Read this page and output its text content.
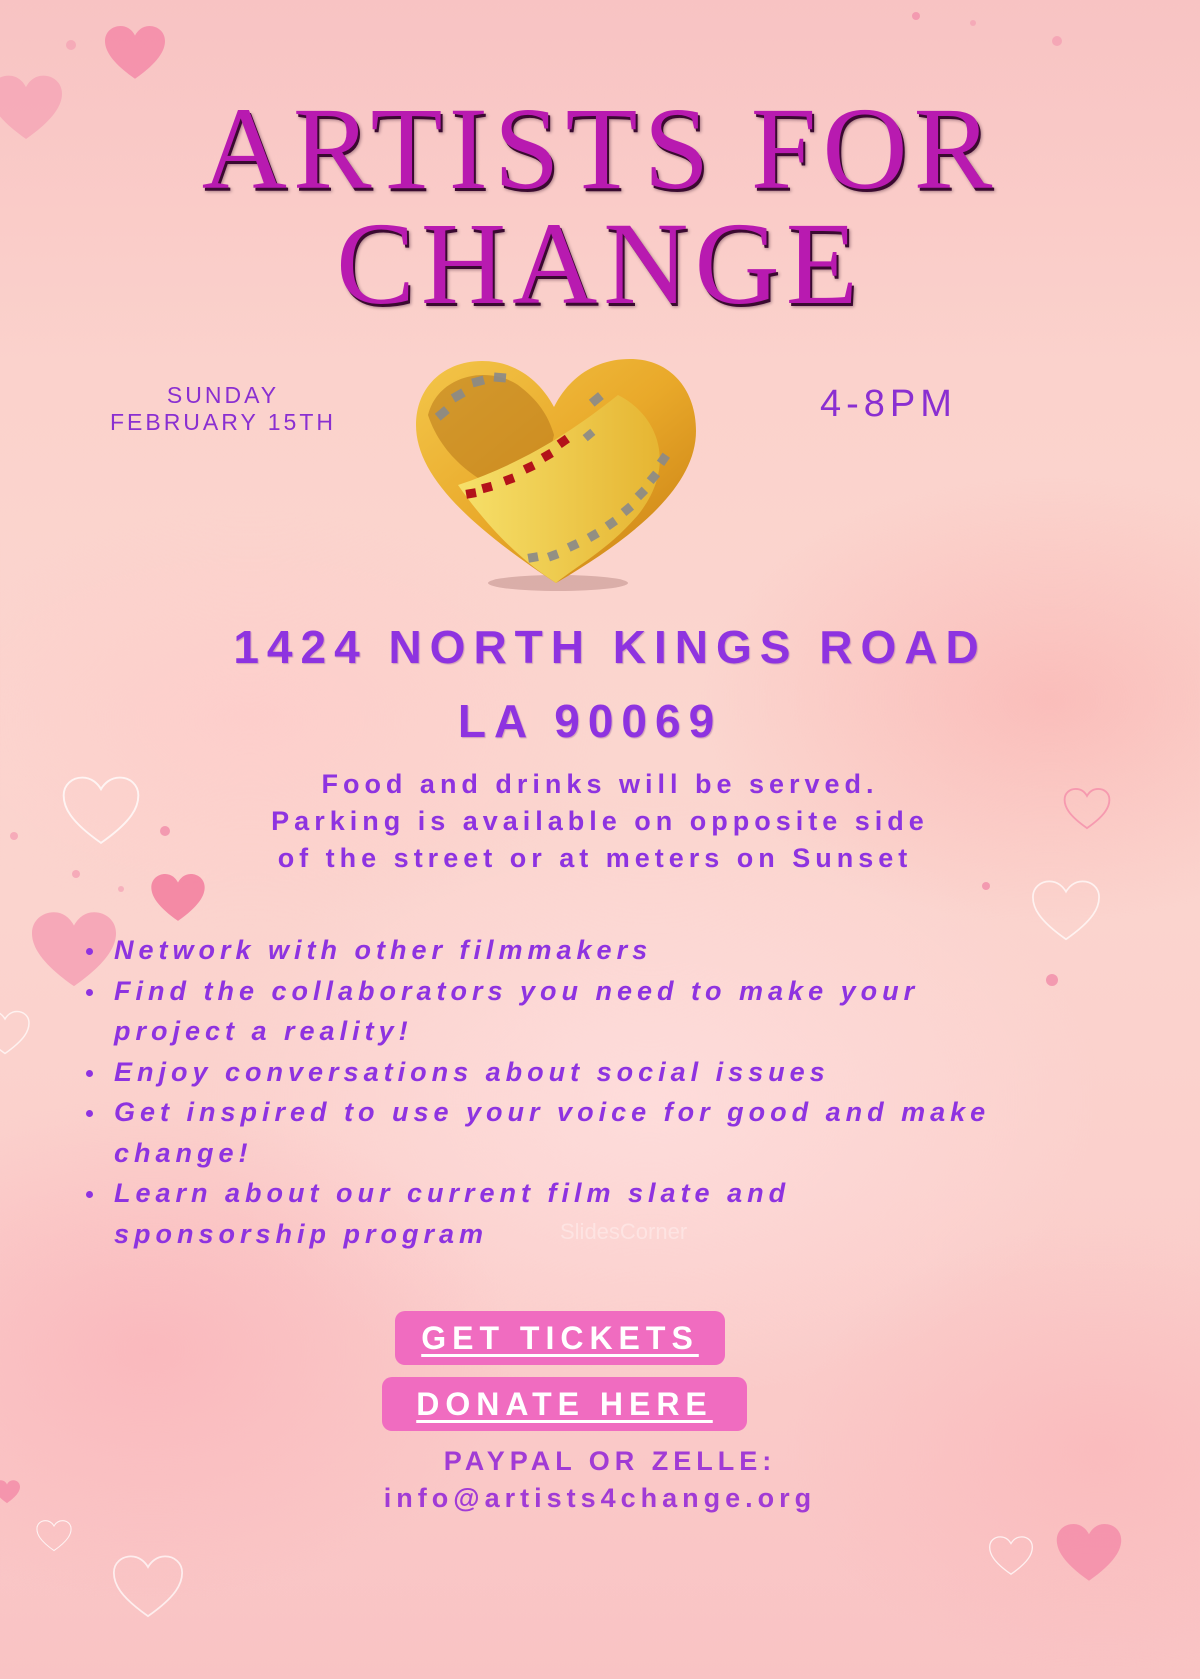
ARTISTS FOR
CHANGE
SUNDAY
FEBRUARY 15TH	4-8PM
SlidesCorner
1424 NORTH KINGS ROAD
LA 90069
Food and drinks will be served.
Parking is available on opposite side
of the street or at meters on Sunset
Network with other filmmakers
Find the collaborators you need to make your
project a reality!
Enjoy conversations about social issues
Get inspired to use your voice for good and make
change!
Learn about our current film slate and
sponsorship program
GET TICKETS
DONATE HERE
PAYPAL OR ZELLE:
info@artists4change.org
